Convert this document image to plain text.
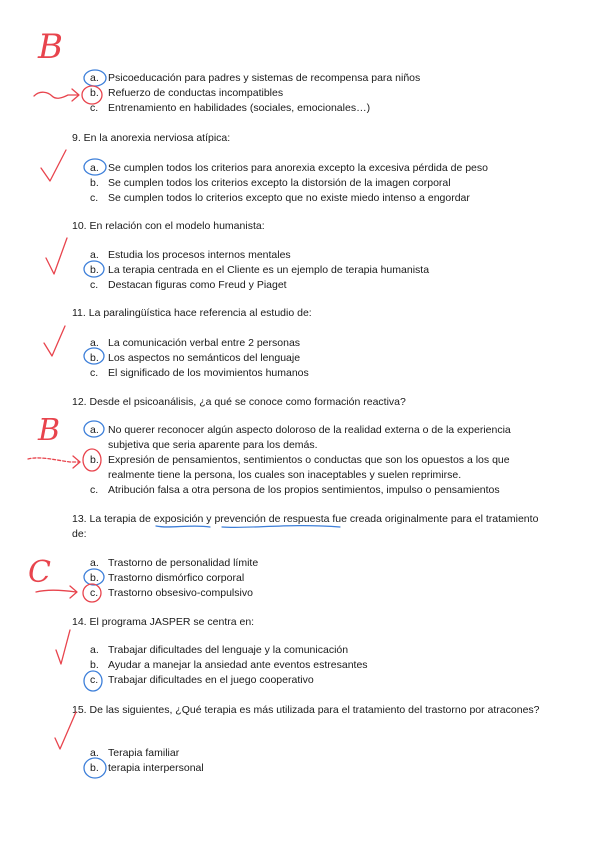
a. Psicoeducación para padres y sistemas de recompensa para niños
b. Refuerzo de conductas incompatibles
c. Entrenamiento en habilidades (sociales, emocionales…)
9. En la anorexia nerviosa atípica:
a. Se cumplen todos los criterios para anorexia excepto la excesiva pérdida de peso
b. Se cumplen todos los criterios excepto la distorsión de la imagen corporal
c. Se cumplen todos lo criterios excepto que no existe miedo intenso a engordar
10. En relación con el modelo humanista:
a. Estudia los procesos internos mentales
b. La terapia centrada en el Cliente es un ejemplo de terapia humanista
c. Destacan figuras como Freud y Piaget
11. La paralingüística hace referencia al estudio de:
a. La comunicación verbal entre 2 personas
b. Los aspectos no semánticos del lenguaje
c. El significado de los movimientos humanos
12. Desde el psicoanálisis, ¿a qué se conoce como formación reactiva?
a. No querer reconocer algún aspecto doloroso de la realidad externa o de la experiencia subjetiva que seria aparente para los demás.
b. Expresión de pensamientos, sentimientos o conductas que son los opuestos a los que realmente tiene la persona, los cuales son inaceptables y suelen reprimirse.
c. Atribución falsa a otra persona de los propios sentimientos, impulso o pensamientos
13. La terapia de exposición y prevención de respuesta fue creada originalmente para el tratamiento de:
a. Trastorno de personalidad límite
b. Trastorno dismórfico corporal
c. Trastorno obsesivo-compulsivo
14. El programa JASPER se centra en:
a. Trabajar dificultades del lenguaje y la comunicación
b. Ayudar a manejar la ansiedad ante eventos estresantes
c. Trabajar dificultades en el juego cooperativo
15. De las siguientes, ¿Qué terapia es más utilizada para el tratamiento del trastorno por atracones?
a. Terapia familiar
b. terapia interpersonal
B
B
C
